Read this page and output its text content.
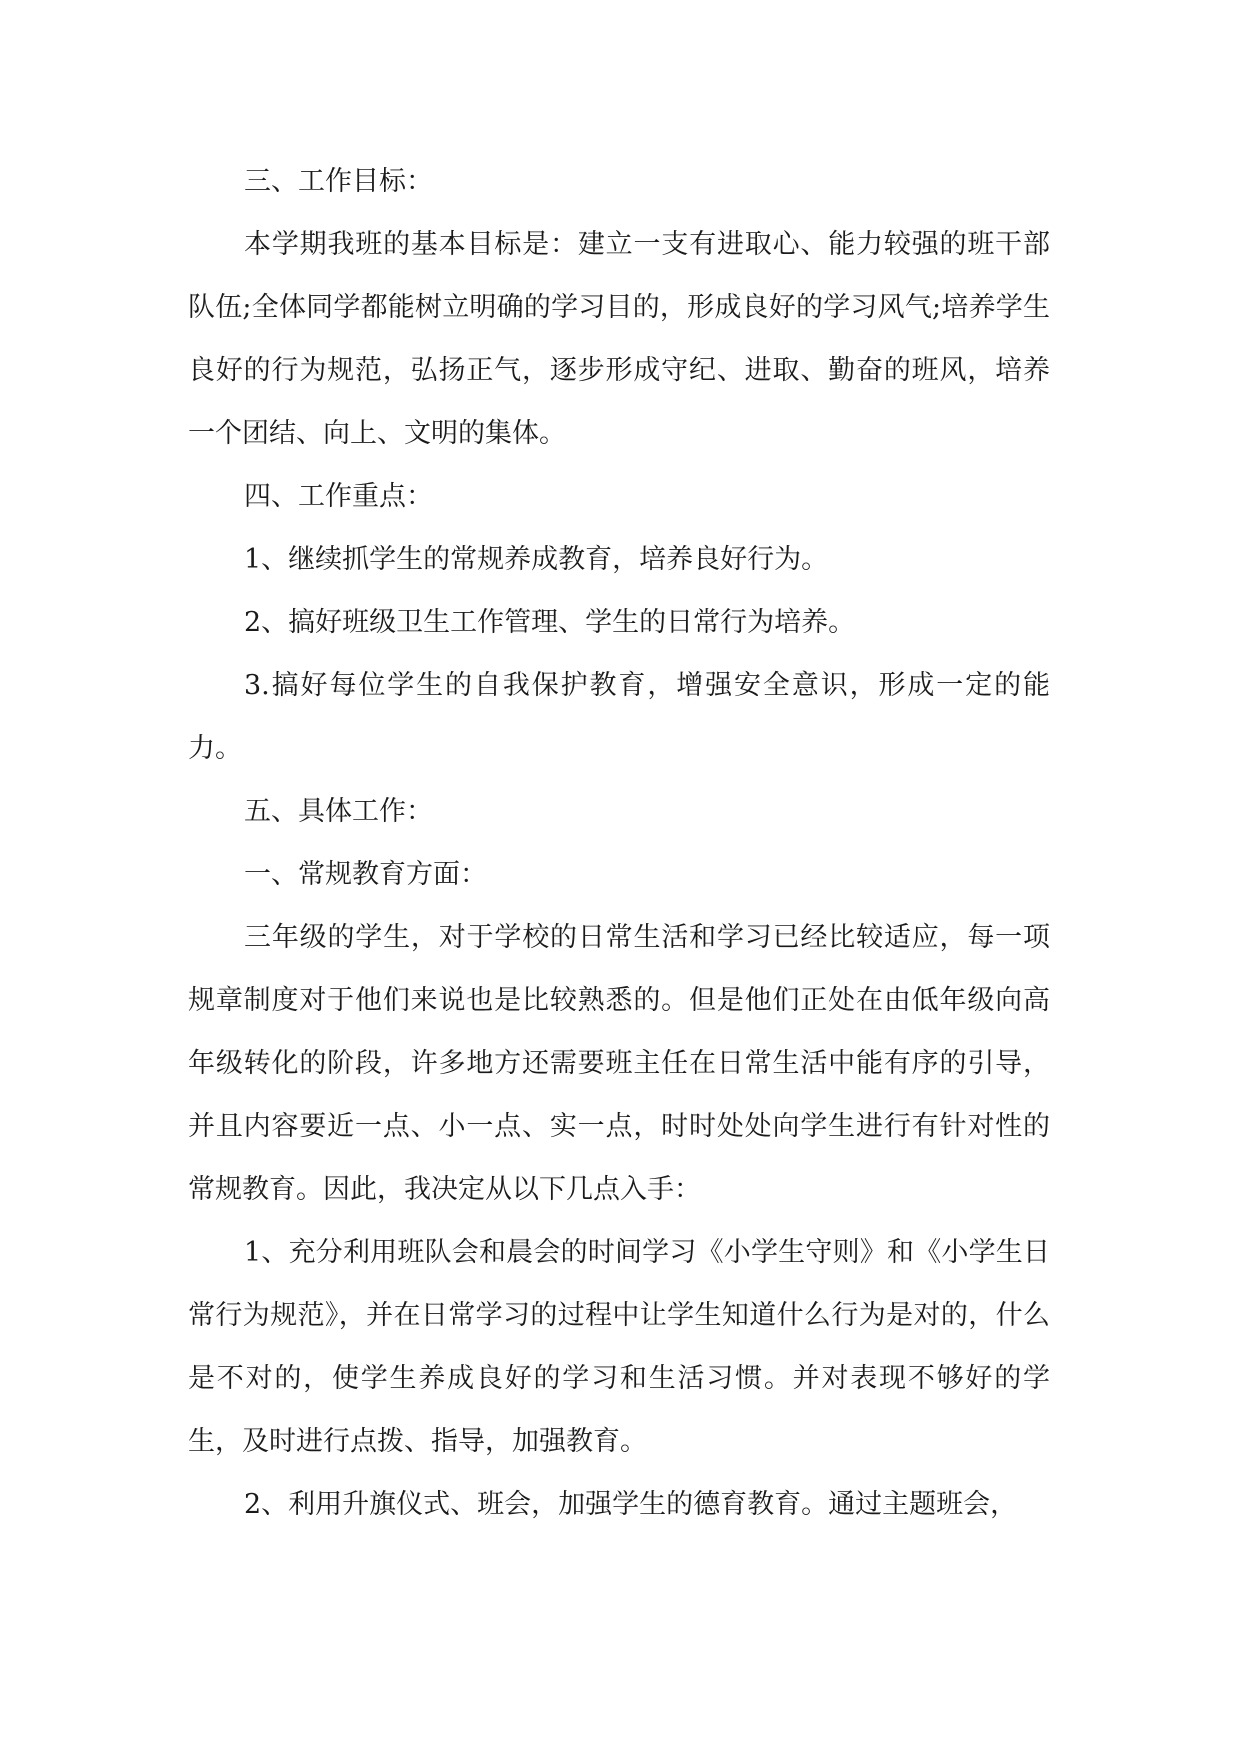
三、工作目标：

本学期我班的基本目标是：建立一支有进取心、能力较强的班干部队伍;全体同学都能树立明确的学习目的，形成良好的学习风气;培养学生良好的行为规范，弘扬正气，逐步形成守纪、进取、勤奋的班风，培养一个团结、向上、文明的集体。

四、工作重点：

1、继续抓学生的常规养成教育，培养良好行为。

2、搞好班级卫生工作管理、学生的日常行为培养。

3.搞好每位学生的自我保护教育，增强安全意识，形成一定的能力。

五、具体工作：

一、常规教育方面：

三年级的学生，对于学校的日常生活和学习已经比较适应，每一项规章制度对于他们来说也是比较熟悉的。但是他们正处在由低年级向高年级转化的阶段，许多地方还需要班主任在日常生活中能有序的引导，并且内容要近一点、小一点、实一点，时时处处向学生进行有针对性的常规教育。因此，我决定从以下几点入手：

1、充分利用班队会和晨会的时间学习《小学生守则》和《小学生日常行为规范》，并在日常学习的过程中让学生知道什么行为是对的，什么是不对的，使学生养成良好的学习和生活习惯。并对表现不够好的学生，及时进行点拨、指导，加强教育。

2、利用升旗仪式、班会，加强学生的德育教育。通过主题班会，
